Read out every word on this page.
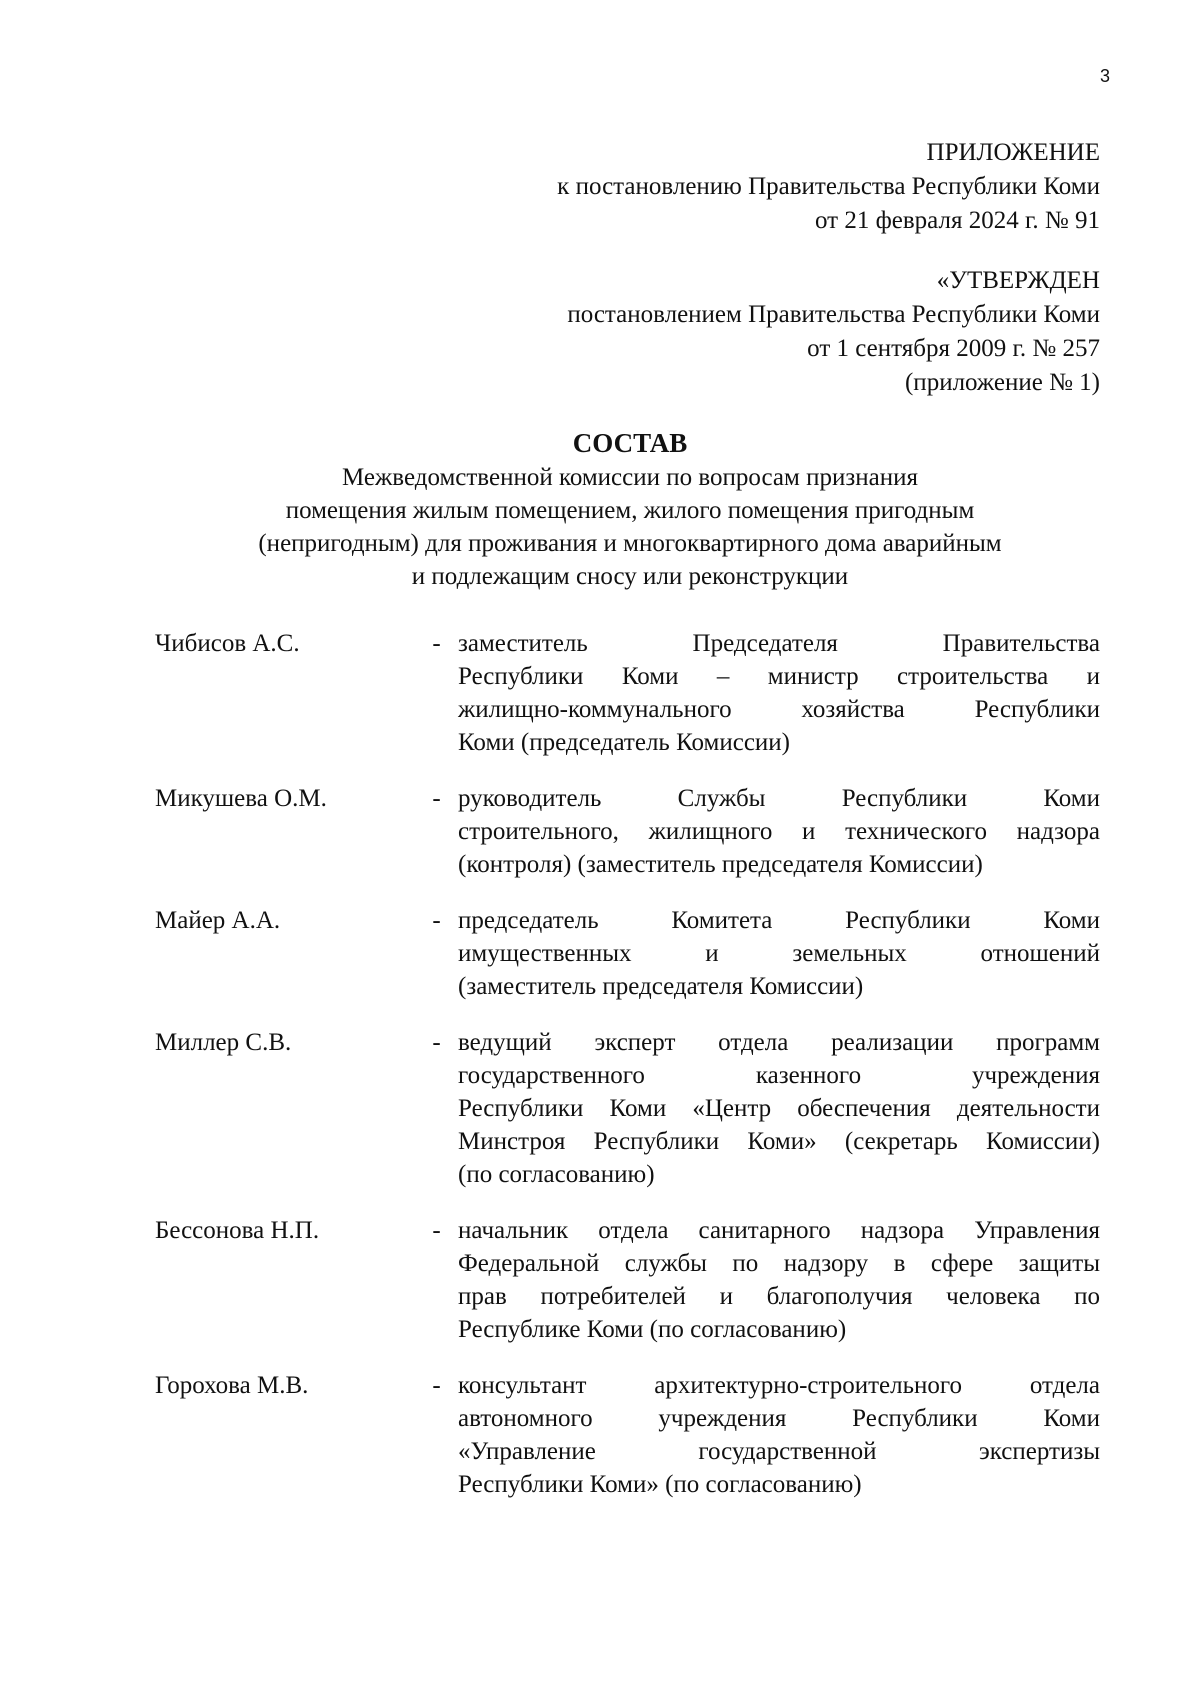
3
ПРИЛОЖЕНИЕ
к постановлению Правительства Республики Коми
от 21 февраля 2024 г. № 91
«УТВЕРЖДЕН
постановлением Правительства Республики Коми
от 1 сентября 2009 г. № 257
(приложение № 1)
СОСТАВ
Межведомственной комиссии по вопросам признания
помещения жилым помещением, жилого помещения пригодным
(непригодным) для проживания и многоквартирного дома аварийным
и подлежащим сносу или реконструкции
Чибисов А.С.	- заместитель Председателя Правительства
Республики Коми – министр строительства и
жилищно-коммунального хозяйства Республики
Коми (председатель Комиссии)
Микушева О.М.	- руководитель Службы Республики Коми
строительного, жилищного и технического надзора
(контроля) (заместитель председателя Комиссии)
Майер А.А.	- председатель Комитета Республики Коми
имущественных и земельных отношений
(заместитель председателя Комиссии)
Миллер С.В.	- ведущий эксперт отдела реализации программ
государственного казенного учреждения
Республики Коми «Центр обеспечения деятельности
Минстроя Республики Коми» (секретарь Комиссии)
(по согласованию)
Бессонова Н.П.	- начальник отдела санитарного надзора Управления
Федеральной службы по надзору в сфере защиты
прав потребителей и благополучия человека по
Республике Коми (по согласованию)
Горохова М.В.	- консультант архитектурно-строительного отдела
автономного учреждения Республики Коми
«Управление государственной экспертизы
Республики Коми» (по согласованию)
